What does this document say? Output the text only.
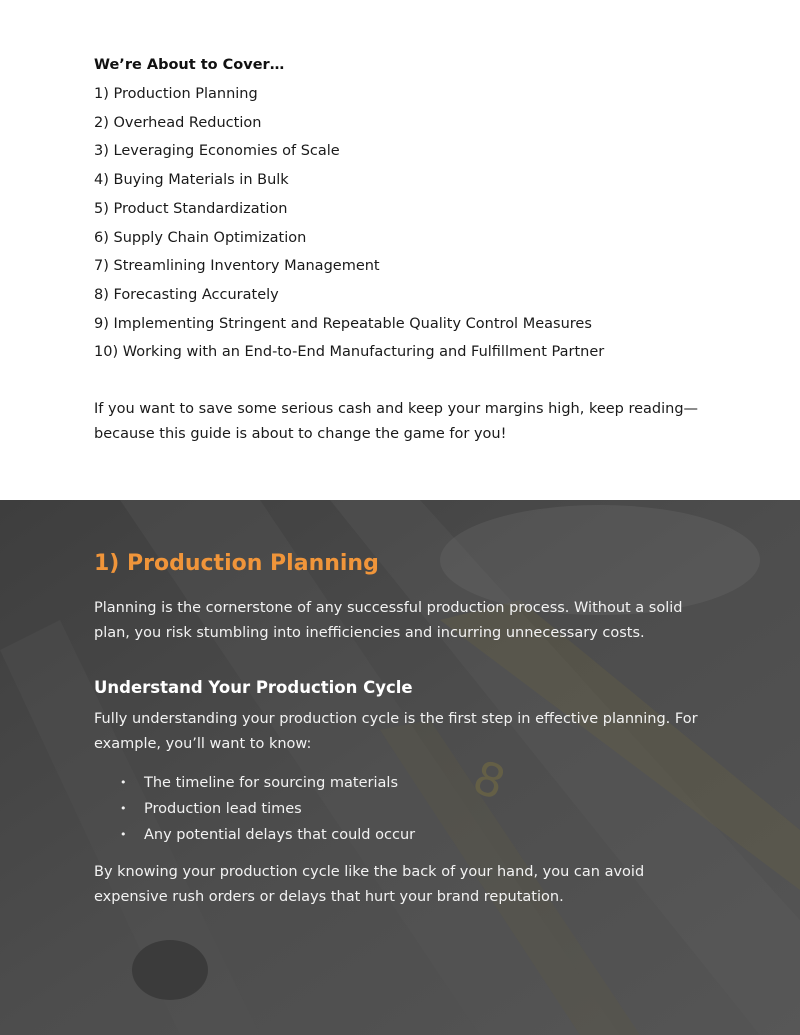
We’re About to Cover…
1) Production Planning
2) Overhead Reduction
3) Leveraging Economies of Scale
4) Buying Materials in Bulk
5) Product Standardization
6) Supply Chain Optimization
7) Streamlining Inventory Management
8) Forecasting Accurately
9) Implementing Stringent and Repeatable Quality Control Measures
10) Working with an End-to-End Manufacturing and Fulfillment Partner

If you want to save some serious cash and keep your margins high, keep reading—because this guide is about to change the game for you!

8
1) Production Planning

Planning is the cornerstone of any successful production process. Without a solid plan, you risk stumbling into inefficiencies and incurring unnecessary costs.

Understand Your Production Cycle

Fully understanding your production cycle is the first step in effective planning. For example, you’ll want to know:

• The timeline for sourcing materials
• Production lead times
• Any potential delays that could occur

By knowing your production cycle like the back of your hand, you can avoid expensive rush orders or delays that hurt your brand reputation.
